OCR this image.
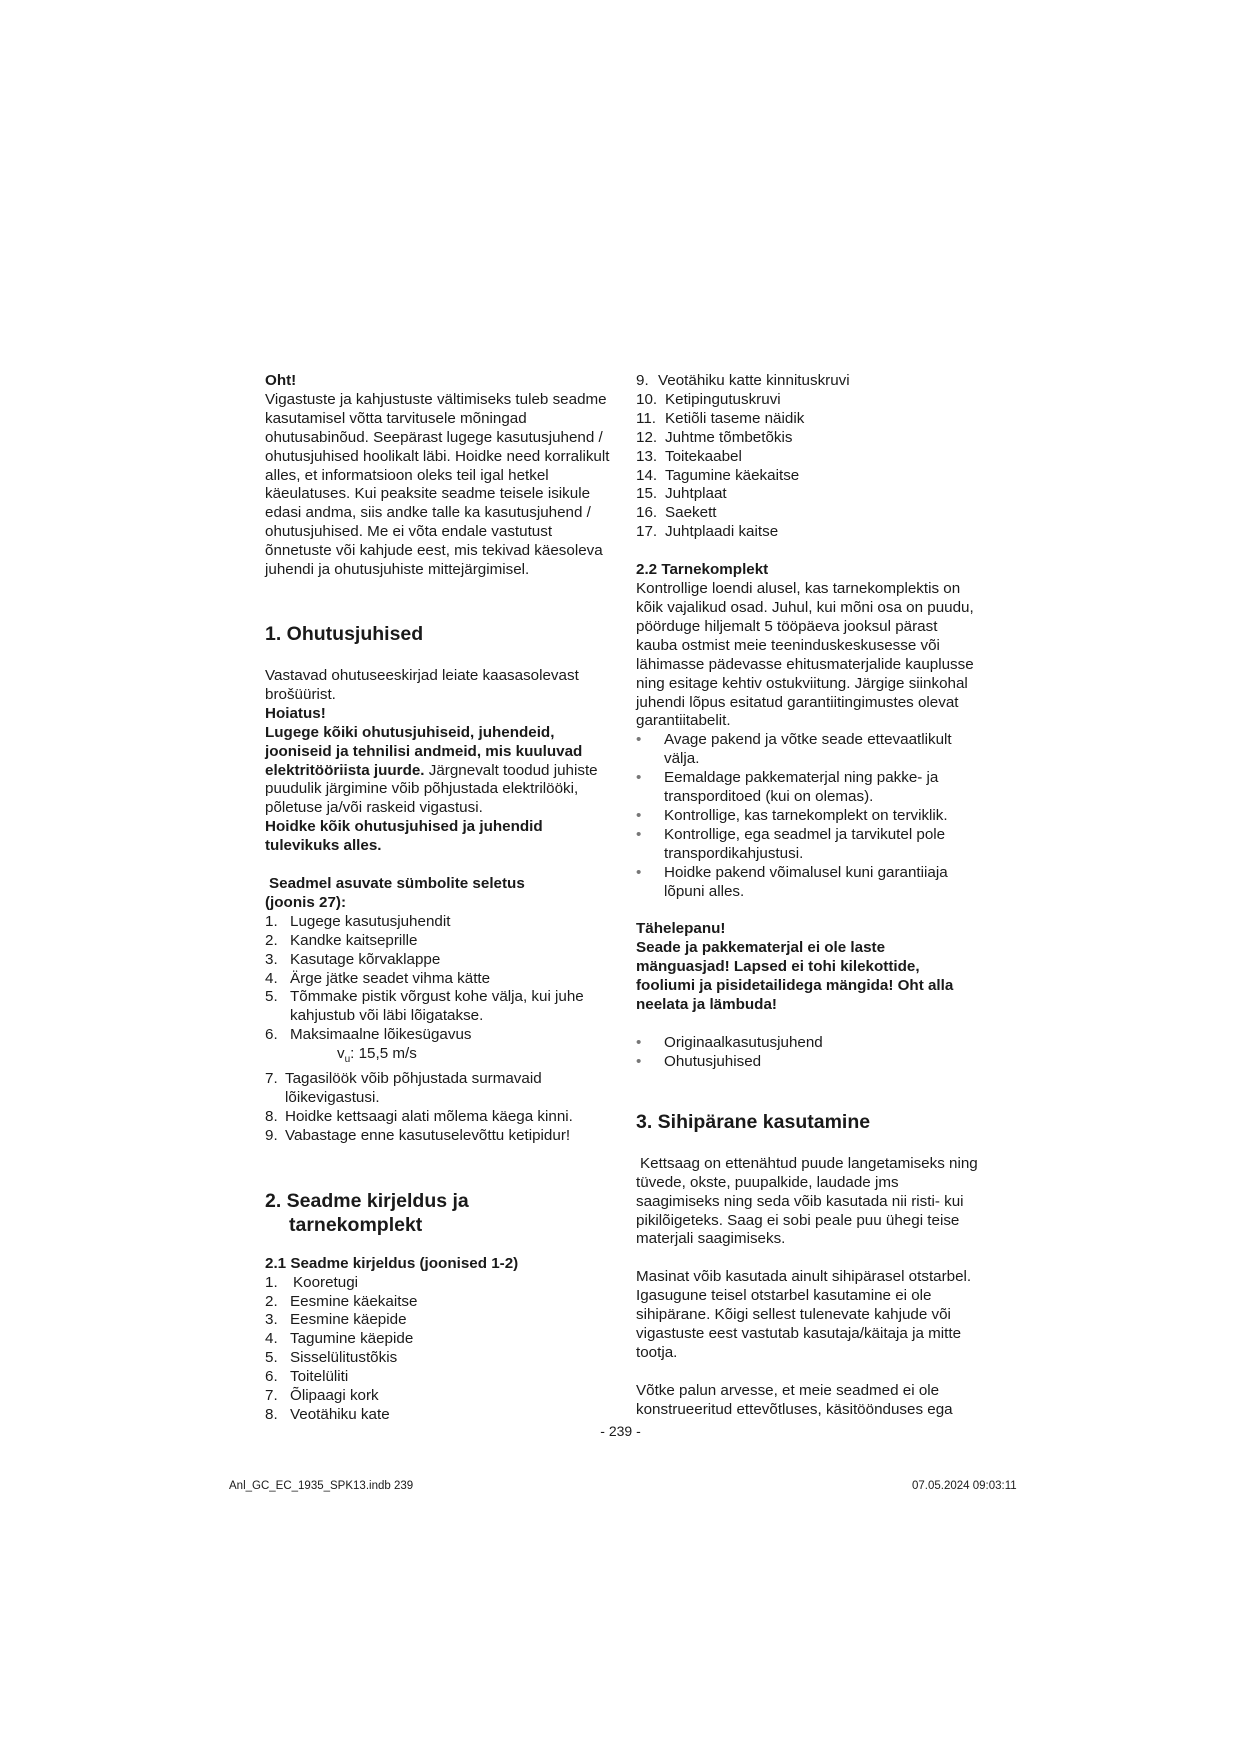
Oht!

Vigastuste ja kahjustuste vältimiseks tuleb seadme kasutamisel võtta tarvitusele mõningad ohutusabinõud. Seepärast lugege kasutusjuhend / ohutusjuhised hoolikalt läbi. Hoidke need korralikult alles, et informatsioon oleks teil igal hetkel käeulatuses. Kui peaksite seadme teisele isikule edasi andma, siis andke talle ka kasutusjuhend / ohutusjuhised. Me ei võta endale vastutust õnnetuste või kahjude eest, mis tekivad käesoleva juhendi ja ohutusjuhiste mittejärgimisel.

1. Ohutusjuhised

Vastavad ohutuseeskirjad leiate kaasasolevast brošüürist.

Hoiatus!

Lugege kõiki ohutusjuhiseid, juhendeid, jooniseid ja tehnilisi andmeid, mis kuuluvad elektritööriista juurde. Järgnevalt toodud juhiste puudulik järgimine võib põhjustada elektrilööki, põletuse ja/või raskeid vigastusi.

Hoidke kõik ohutusjuhised ja juhendid tulevikuks alles.

Seadmel asuvate sümbolite seletus

(joonis 27):

1. Lugege kasutusjuhendit
2. Kandke kaitseprille
3. Kasutage kõrvaklappe
4. Ärge jätke seadet vihma kätte
5. Tõmmake pistik võrgust kohe välja, kui juhe kahjustub või läbi lõigatakse.
6. Maksimaalne lõikesügavus
$v_u$: 15,5 m/s
7. Tagasilöök võib põhjustada surmavaid lõikevigastusi.
8. Hoidke kettsaagi alati mõlema käega kinni.
9. Vabastage enne kasutuselevõttu ketipidur!
2. Seadme kirjeldus ja
tarnekomplekt
2.1 Seadme kirjeldus (joonised 1-2)
1.	Kooretugi
2. Eesmine käekaitse
3. Eesmine käepide
4. Tagumine käepide
5. Sisselülitustõkis
6. Toitelüliti
7. Õlipaagi kork
8. Veotähiku kate
9. Veotähiku katte kinnituskruvi
10. Ketipingutuskruvi
11. Ketiõli taseme näidik
12. Juhtme tõmbetõkis
13. Toitekaabel
14. Tagumine käekaitse
15. Juhtplaat
16. Saekett
17. Juhtplaadi kaitse
2.2 Tarnekomplekt

Kontrollige loendi alusel, kas tarnekomplektis on kõik vajalikud osad. Juhul, kui mõni osa on puudu, pöörduge hiljemalt 5 tööpäeva jooksul pärast kauba ostmist meie teeninduskeskusesse või lähimasse pädevasse ehitusmaterjalide kauplusse ning esitage kehtiv ostukviitung. Järgige siinkohal juhendi lõpus esitatud garantiitingimustes olevat garantiitabelit.

•	Avage pakend ja võtke seade ettevaatlikult välja.
•	Eemaldage pakkematerjal ning pakke- ja transporditoed (kui on olemas).
•	Kontrollige, kas tarnekomplekt on terviklik.
•	Kontrollige, ega seadmel ja tarvikutel pole transpordikahjustusi.
•	Hoidke pakend võimalusel kuni garantiiaja lõpuni alles.

Tähelepanu!

Seade ja pakkematerjal ei ole laste mänguasjad! Lapsed ei tohi kilekottide, fooliumi ja pisidetailidega mängida! Oht alla neelata ja lämbuda!

•	Originaalkasutusjuhend
•	Ohutusjuhised
3. Sihipärane kasutamine

Kettsaag on ettenähtud puude langetamiseks ning tüvede, okste, puupalkide, laudade jms saagimiseks ning seda võib kasutada nii risti- kui pikilõigeteks. Saag ei sobi peale puu ühegi teise materjali saagimiseks.

Masinat võib kasutada ainult sihipärasel otstarbel. Igasugune teisel otstarbel kasutamine ei ole sihipärane. Kõigi sellest tulenevate kahjude või vigastuste eest vastutab kasutaja/käitaja ja mitte tootja.

Võtke palun arvesse, et meie seadmed ei ole konstrueeritud ettevõtluses, käsitöönduses ega

- 239 -
Anl_GC_EC_1935_SPK13.indb 239	07.05.2024 09:03:11
